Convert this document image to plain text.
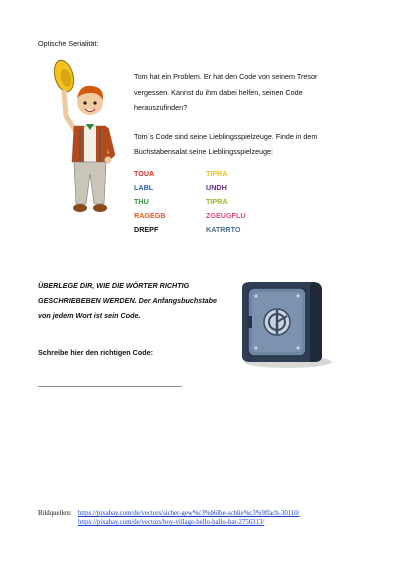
Optische Serialität:

Tom hat ein Problem. Er hat den Code von seinem Tresor vergessen. Kannst du ihm dabei helfen, seinen Code herauszufinden?

Tom`s Code sind seine Lieblingsspielzeuge. Finde in dem Buchstabensalat seine Lieblingsspielzeuge:

TOUA	TIPRA
LABL	UNDH
THU	TIPRA
RAGEGB	ZGEUGFLU
DREPF	KATRRTO
ÜBERLEGE DIR, WIE DIE WÖRTER RICHTIG GESCHRIEBEBEN WERDEN. Der Anfangsbuchstabe von jedem Wort ist sein Code.
Schreibe hier den richtigen Code:
_________________________________________
Bildquellen: https://pixabay.com/de/vectors/sicher-gew%c3%b6lbe-schlie%c3%9ffach-30110/
https://pixabay.com/de/vectors/boy-village-hello-hallo-hat-2756313/
